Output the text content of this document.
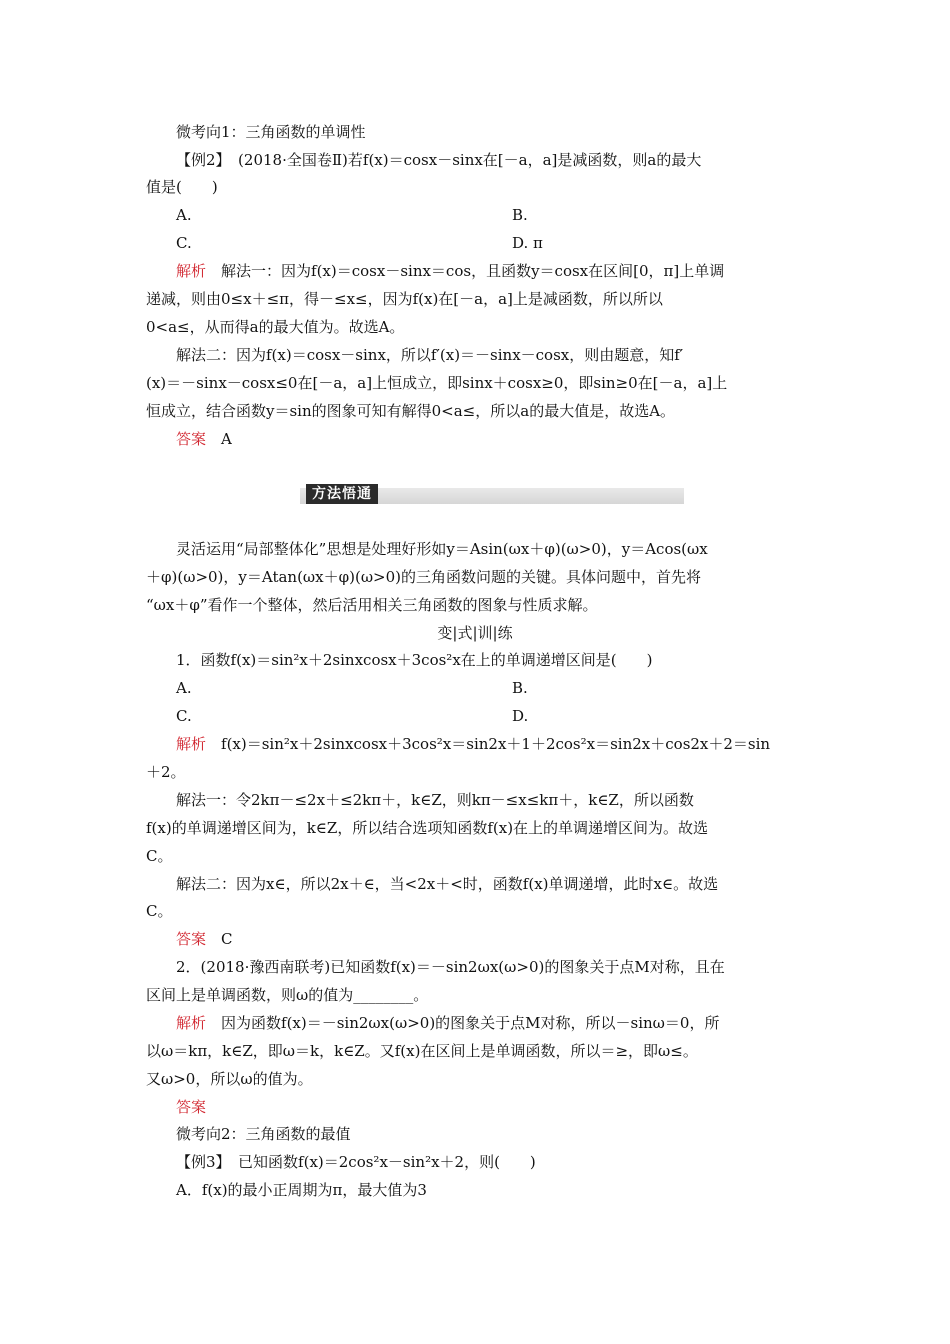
微考向1：三角函数的单调性
【例2】　(2018·全国卷Ⅱ)若f(x)＝cosx－sinx在[－a，a]是减函数，则a的最大
值是(　　)
A.	B.
C.	D. π
解析　解法一：因为f(x)＝cosx－sinx＝cos，且函数y＝cosx在区间[0，π]上单调
递减，则由0≤x＋≤π，得－≤x≤，因为f(x)在[－a，a]上是减函数，所以所以
0<a≤，从而得a的最大值为。故选A。
解法二：因为f(x)＝cosx－sinx，所以f′(x)＝－sinx－cosx，则由题意，知f′
(x)＝－sinx－cosx≤0在[－a，a]上恒成立，即sinx＋cosx≥0，即sin≥0在[－a，a]上
恒成立，结合函数y＝sin的图象可知有解得0<a≤，所以a的最大值是，故选A。
答案　A
方法悟通
灵活运用“局部整体化”思想是处理好形如y＝Asin(ωx＋φ)(ω>0)，y＝Acos(ωx
＋φ)(ω>0)，y＝Atan(ωx＋φ)(ω>0)的三角函数问题的关键。具体问题中，首先将
“ωx＋φ”看作一个整体，然后活用相关三角函数的图象与性质求解。
变|式|训|练
1．函数f(x)＝sin²x＋2sinxcosx＋3cos²x在上的单调递增区间是(　　)
A.	B.
C.	D.
解析　f(x)＝sin²x＋2sinxcosx＋3cos²x＝sin2x＋1＋2cos²x＝sin2x＋cos2x＋2＝sin
＋2。
解法一：令2kπ－≤2x＋≤2kπ＋，k∈Z，则kπ－≤x≤kπ＋，k∈Z，所以函数
f(x)的单调递增区间为，k∈Z，所以结合选项知函数f(x)在上的单调递增区间为。故选
C。
解法二：因为x∈，所以2x＋∈，当<2x＋<时，函数f(x)单调递增，此时x∈。故选
C。
答案　C
2．(2018·豫西南联考)已知函数f(x)＝－sin2ωx(ω>0)的图象关于点M对称，且在
区间上是单调函数，则ω的值为________。
解析　因为函数f(x)＝－sin2ωx(ω>0)的图象关于点M对称，所以－sinω＝0，所
以ω＝kπ，k∈Z，即ω＝k，k∈Z。又f(x)在区间上是单调函数，所以＝≥，即ω≤。
又ω>0，所以ω的值为。
答案
微考向2：三角函数的最值
【例3】　已知函数f(x)＝2cos²x－sin²x＋2，则(　　)
A．f(x)的最小正周期为π，最大值为3
